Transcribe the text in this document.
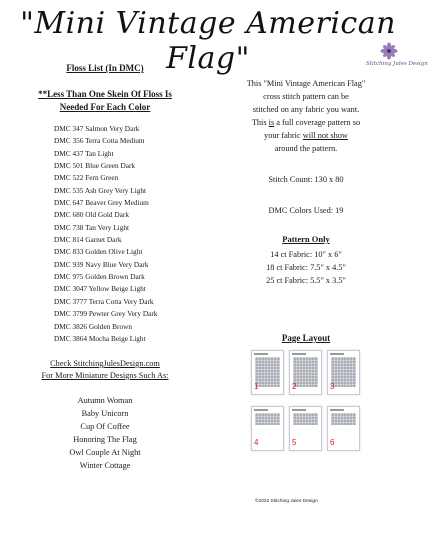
"Mini Vintage American Flag"	Stitching Jules Design
Floss List (In DMC)
**Less Than One Skein Of Floss Is
Needed For Each Color
DMC 347 Salmon Very Dark
DMC 356 Terra Cotta Medium
DMC 437 Tan Light
DMC 501 Blue Green Dark
DMC 522 Fern Green
DMC 535 Ash Grey Very Light
DMC 647 Beaver Grey Medium
DMC 680 Old Gold Dark
DMC 738 Tan Very Light
DMC 814 Garnet Dark
DMC 833 Golden Olive Light
DMC 939 Navy Blue Very Dark
DMC 975 Golden Brown Dark
DMC 3047 Yellow Beige Light
DMC 3777 Terra Cotta Very Dark
DMC 3799 Pewter Grey Very Dark
DMC 3826 Golden Brown
DMC 3864 Mocha Beige Light
Check StitchingJulesDesign.com
For More Miniature Designs Such As:
Autumn Woman
Baby Unicorn
Cup Of Coffee
Honoring The Flag
Owl Couple At Night
Winter Cottage
This "Mini Vintage American Flag"
cross stitch pattern can be
stitched on any fabric you want.
This is a full coverage pattern so
your fabric will not show
around the pattern.
Stitch Count: 130 x 80
DMC Colors Used: 19
Pattern Only
14 ct Fabric: 10" x 6"
18 ct Fabric: 7.5" x 4.5"
25 ct Fabric: 5.5" x 3.5"
Page Layout
1	2	3
4	5	6
©2022 Stitching Jules Design
